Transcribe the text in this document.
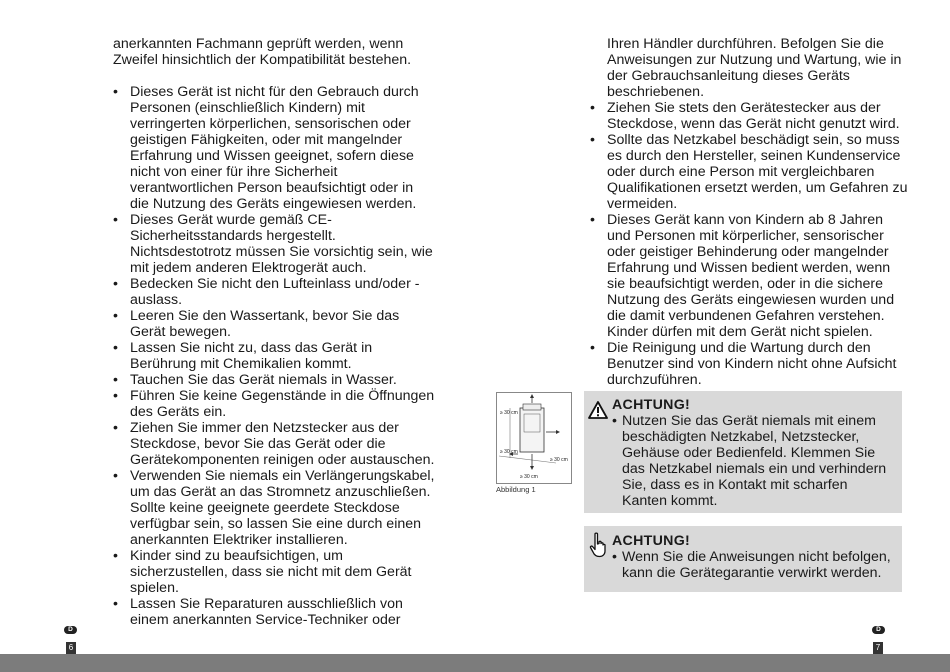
anerkannten Fachmann geprüft werden, wenn Zweifel hinsichtlich der Kompatibilität bestehen.

• Dieses Gerät ist nicht für den Gebrauch durch Personen (einschließlich Kindern) mit verringerten körperlichen, sensorischen oder geistigen Fähigkeiten, oder mit mangelnder Erfahrung und Wissen geeignet, sofern diese nicht von einer für ihre Sicherheit verantwortlichen Person beaufsichtigt oder in die Nutzung des Geräts eingewiesen werden.
• Dieses Gerät wurde gemäß CE-Sicherheitsstandards hergestellt. Nichtsdestotrotz müssen Sie vorsichtig sein, wie mit jedem anderen Elektrogerät auch.
• Bedecken Sie nicht den Lufteinlass und/oder -auslass.
• Leeren Sie den Wassertank, bevor Sie das Gerät bewegen.
• Lassen Sie nicht zu, dass das Gerät in Berührung mit Chemikalien kommt.
• Tauchen Sie das Gerät niemals in Wasser.
• Führen Sie keine Gegenstände in die Öffnungen des Geräts ein.
• Ziehen Sie immer den Netzstecker aus der Steckdose, bevor Sie das Gerät oder die Gerätekomponenten reinigen oder austauschen.
• Verwenden Sie niemals ein Verlängerungskabel, um das Gerät an das Stromnetz anzuschließen. Sollte keine geeignete geerdete Steckdose verfügbar sein, so lassen Sie eine durch einen anerkannten Elektriker installieren.
• Kinder sind zu beaufsichtigen, um sicherzustellen, dass sie nicht mit dem Gerät spielen.
• Lassen Sie Reparaturen ausschließlich von einem anerkannten Service-Techniker oder

Ihren Händler durchführen. Befolgen Sie die Anweisungen zur Nutzung und Wartung, wie in der Gebrauchsanleitung dieses Geräts beschriebenen.

• Ziehen Sie stets den Gerätestecker aus der Steckdose, wenn das Gerät nicht genutzt wird.
• Sollte das Netzkabel beschädigt sein, so muss es durch den Hersteller, seinen Kundenservice oder durch eine Person mit vergleichbaren Qualifikationen ersetzt werden, um Gefahren zu vermeiden.
• Dieses Gerät kann von Kindern ab 8 Jahren und Personen mit körperlicher, sensorischer oder geistiger Behinderung oder mangelnder Erfahrung und Wissen bedient werden, wenn sie beaufsichtigt werden, oder in die sichere Nutzung des Geräts eingewiesen wurden und die damit verbundenen Gefahren verstehen. Kinder dürfen mit dem Gerät nicht spielen.
• Die Reinigung und die Wartung durch den Benutzer sind von Kindern nicht ohne Aufsicht durchzuführen.
≥ 30 cm
≥ 30 cm
≥ 30 cm
≥ 30 cm
Abbildung 1
ACHTUNG!
• Nutzen Sie das Gerät niemals mit einem beschädigten Netzkabel, Netzstecker, Gehäuse oder Bedienfeld. Klemmen Sie das Netzkabel niemals ein und verhindern Sie, dass es in Kontakt mit scharfen Kanten kommt.
ACHTUNG!
• Wenn Sie die Anweisungen nicht befolgen, kann die Gerätegarantie verwirkt werden.
D	D
6	7
